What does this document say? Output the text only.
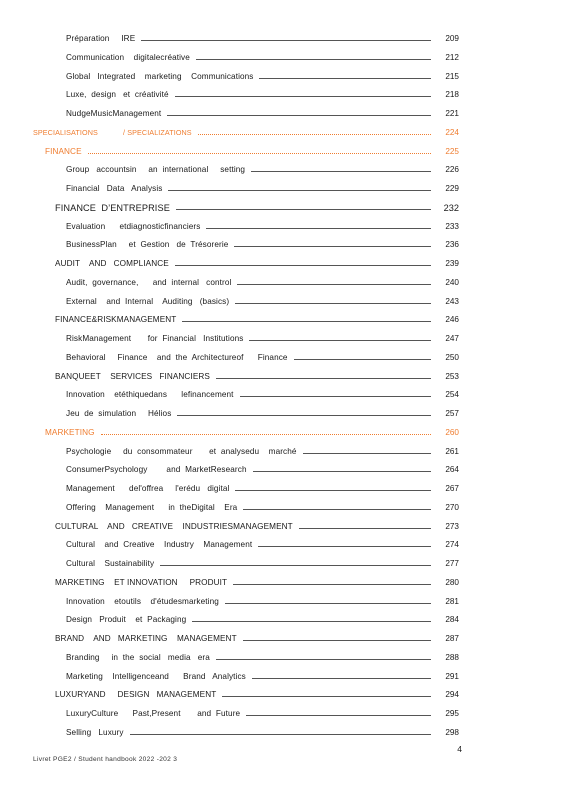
Préparation     IRE	209
Communication    digitalecréative	212
Global   Integrated    marketing    Communications	215
Luxe,  design   et  créativité	218
NudgeMusicManagement	221
SPECIALISATIONS            / SPECIALIZATIONS	224
FINANCE	225
Group   accountsin     an  international     setting	226
Financial   Data   Analysis	229
FINANCE  D’ENTREPRISE	232
Evaluation      etdiagnosticfinanciers	233
BusinessPlan     et  Gestion   de  Trésorerie	236
AUDIT    AND   COMPLIANCE	239
Audit,  governance,      and  internal   control	240
External    and  Internal    Auditing   (basics)	243
FINANCE&RISKMANAGEMENT	246
RiskManagement       for  Financial   Institutions	247
Behavioral     Finance    and  the  Architectureof      Finance	250
BANQUEET    SERVICES   FINANCIERS	253
Innovation    etéthiquedans      lefinancement	254
Jeu  de  simulation     Hélios	257
MARKETING	260
Psychologie     du  consommateur       et  analysedu    marché	261
ConsumerPsychology        and  MarketResearch	264
Management      del'offrea     l'erédu   digital	267
Offering    Management      in  theDigital    Era	270
CULTURAL    AND   CREATIVE    INDUSTRIESMANAGEMENT	273
Cultural    and  Creative    Industry    Management	274
Cultural    Sustainability	277
MARKETING    ET INNOVATION     PRODUIT	280
Innovation    etoutils    d'étudesmarketing	281
Design   Produit    et  Packaging	284
BRAND    AND   MARKETING    MANAGEMENT	287
Branding     in  the  social   media   era	288
Marketing    Intelligenceand      Brand   Analytics	291
LUXURYAND     DESIGN   MANAGEMENT	294
LuxuryCulture      Past,Present       and  Future	295
Selling   Luxury	298
4
Livret PGE2 / Student handbook 2022 -202 3
